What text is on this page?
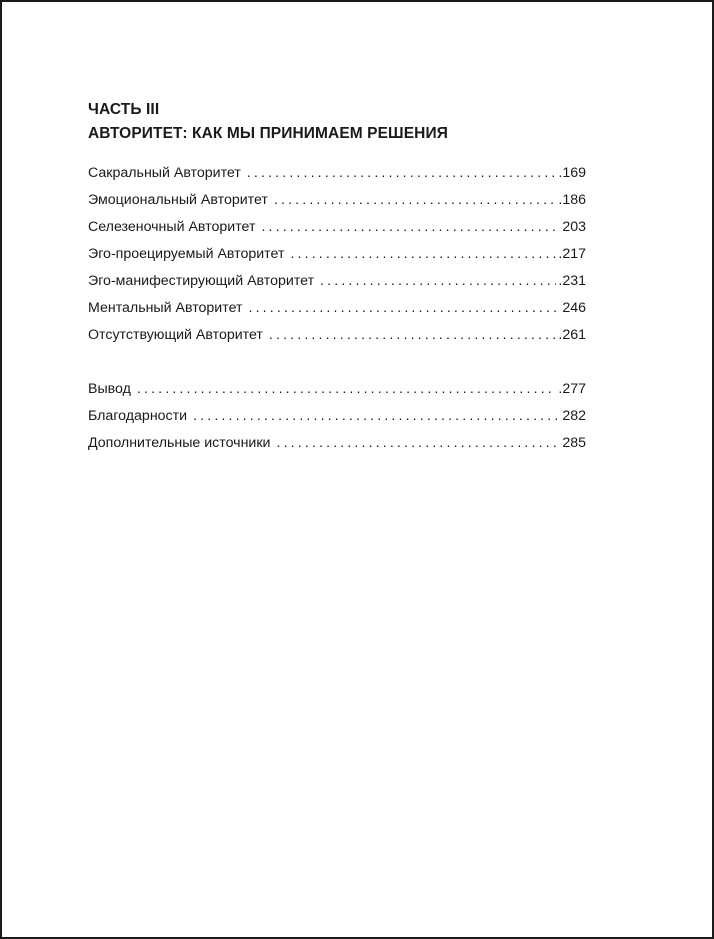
ЧАСТЬ III
АВТОРИТЕТ: КАК МЫ ПРИНИМАЕМ РЕШЕНИЯ
Сакральный Авторитет . . .	.169
Эмоциональный Авторитет . . .	.186
Селезеночный Авторитет . . .	203
Эго-проецируемый Авторитет . . .	.217
Эго-манифестирующий Авторитет . . .	.231
Ментальный Авторитет . . .	246
Отсутствующий Авторитет . . .	.261
Вывод . . .	.277
Благодарности . . .	282
Дополнительные источники . . .	285
